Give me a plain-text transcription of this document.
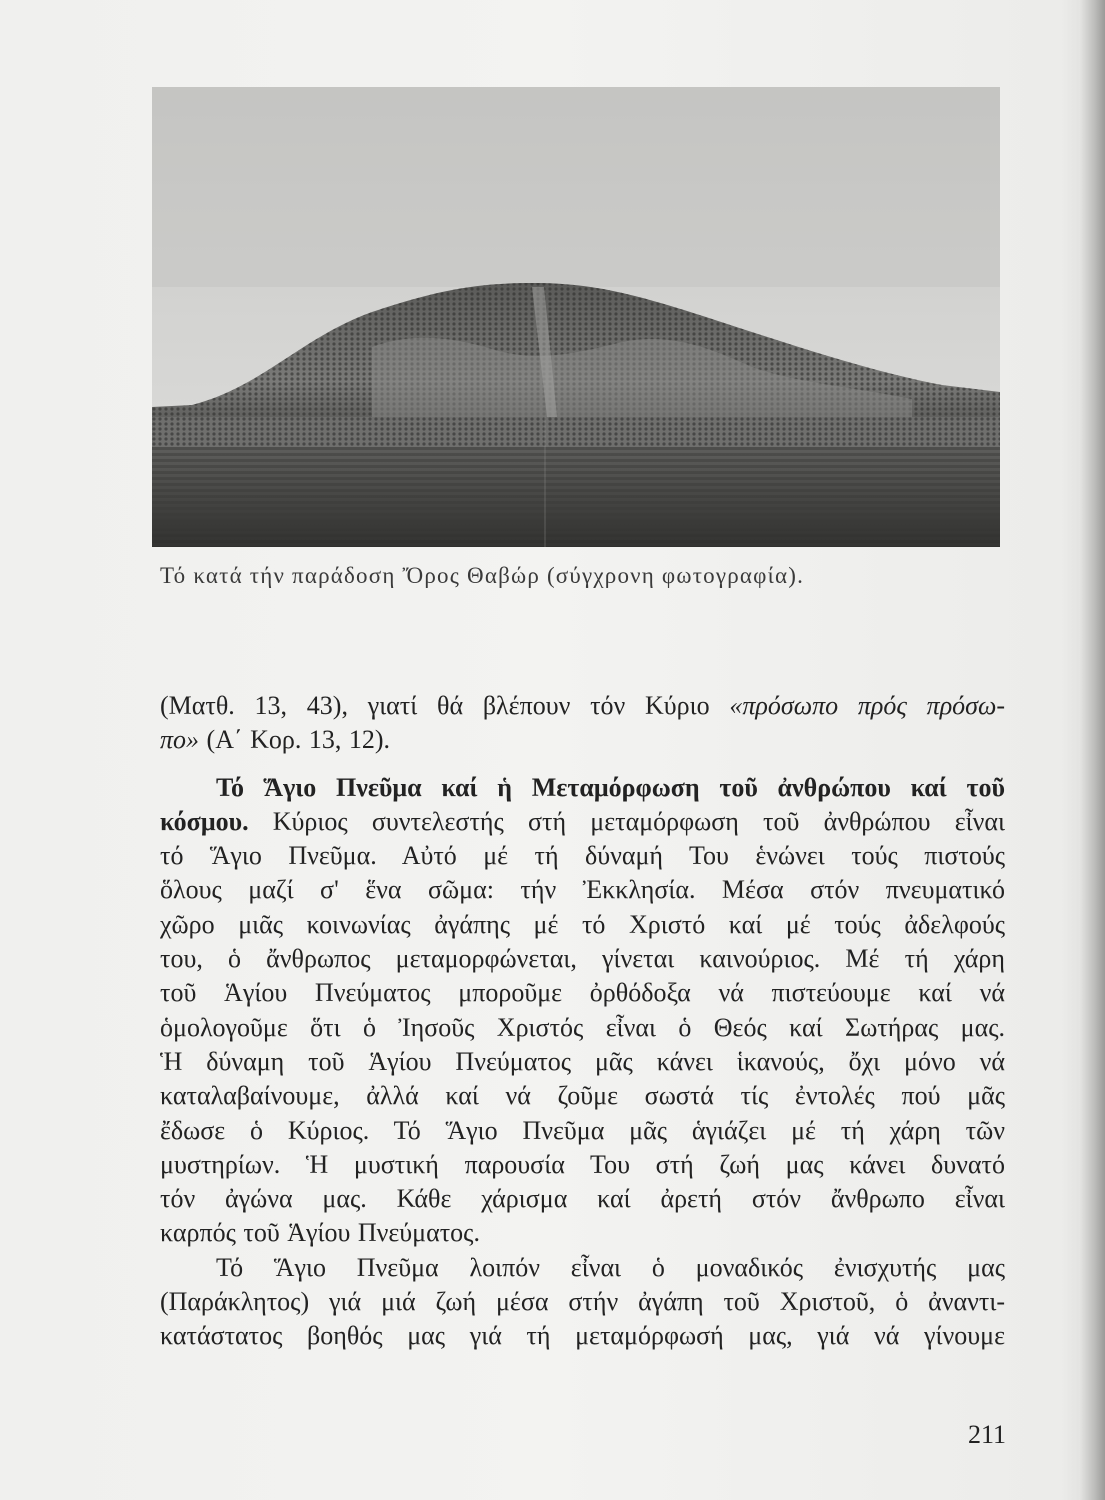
Τό κατά τήν παράδοση Ὄρος Θαβώρ (σύγχρονη φωτογραφία).
(Ματθ. 13, 43), γιατί θά βλέπουν τόν Κύριο «πρόσωπο πρός πρόσω-
πο» (Α΄ Κορ. 13, 12).
Τό Ἅγιο Πνεῦμα καί ἡ Μεταμόρφωση τοῦ ἀνθρώπου καί τοῦ
κόσμου. Κύριος συντελεστής στή μεταμόρφωση τοῦ ἀνθρώπου εἶναι
τό Ἅγιο Πνεῦμα. Αὐτό μέ τή δύναμή Του ἑνώνει τούς πιστούς
ὅλους μαζί σ' ἕνα σῶμα: τήν Ἐκκλησία. Μέσα στόν πνευματικό
χῶρο μιᾶς κοινωνίας ἀγάπης μέ τό Χριστό καί μέ τούς ἀδελφούς
του, ὁ ἄνθρωπος μεταμορφώνεται, γίνεται καινούριος. Μέ τή χάρη
τοῦ Ἁγίου Πνεύματος μποροῦμε ὀρθόδοξα νά πιστεύουμε καί νά
ὁμολογοῦμε ὅτι ὁ Ἰησοῦς Χριστός εἶναι ὁ Θεός καί Σωτήρας μας.
Ἡ δύναμη τοῦ Ἁγίου Πνεύματος μᾶς κάνει ἱκανούς, ὄχι μόνο νά
καταλαβαίνουμε, ἀλλά καί νά ζοῦμε σωστά τίς ἐντολές πού μᾶς
ἔδωσε ὁ Κύριος. Τό Ἅγιο Πνεῦμα μᾶς ἁγιάζει μέ τή χάρη τῶν
μυστηρίων. Ἡ μυστική παρουσία Του στή ζωή μας κάνει δυνατό
τόν ἀγώνα μας. Κάθε χάρισμα καί ἀρετή στόν ἄνθρωπο εἶναι
καρπός τοῦ Ἁγίου Πνεύματος.
Τό Ἅγιο Πνεῦμα λοιπόν εἶναι ὁ μοναδικός ἐνισχυτής μας
(Παράκλητος) γιά μιά ζωή μέσα στήν ἀγάπη τοῦ Χριστοῦ, ὁ ἀναντι-
κατάστατος βοηθός μας γιά τή μεταμόρφωσή μας, γιά νά γίνουμε
211
